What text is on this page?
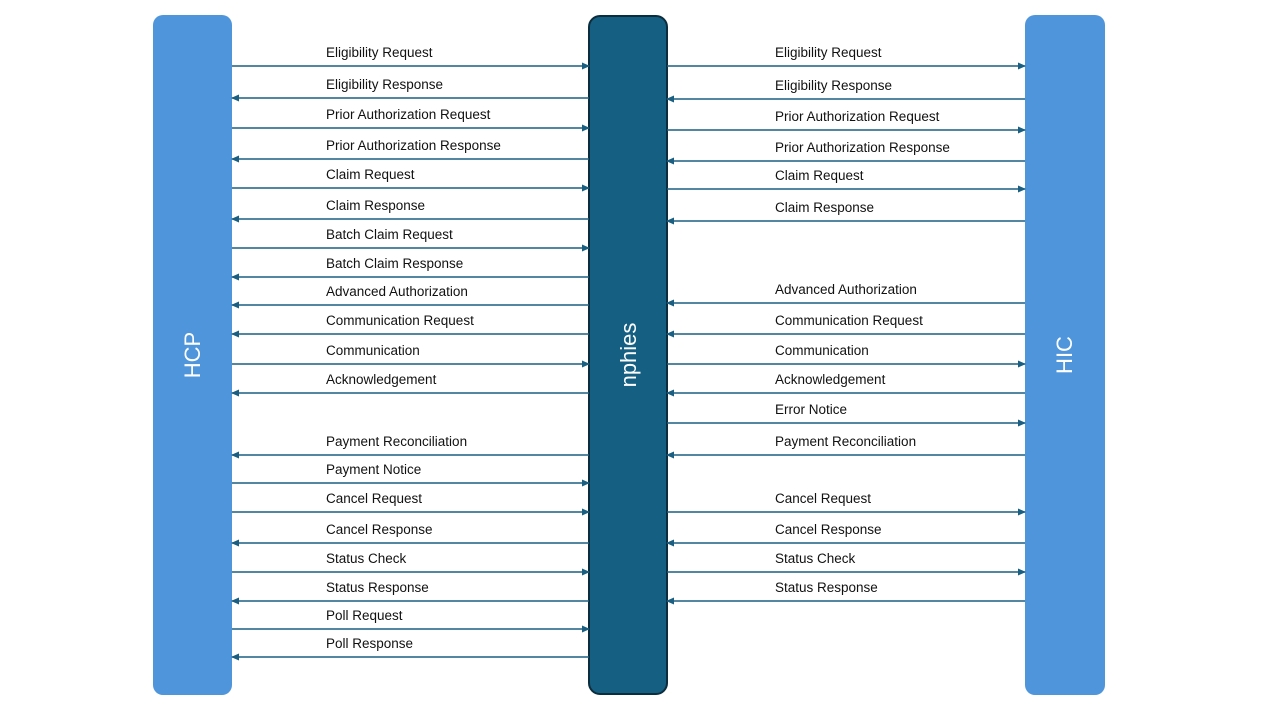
HCP	nphies	HIC
Eligibility Request
Eligibility Response
Prior Authorization Request
Prior Authorization Response
Claim Request
Claim Response
Batch Claim Request
Batch Claim Response
Advanced Authorization
Communication Request
Communication
Acknowledgement
Payment Reconciliation
Payment Notice
Cancel Request
Cancel Response
Status Check
Status Response
Poll Request
Poll Response
Eligibility Request
Eligibility Response
Prior Authorization Request
Prior Authorization Response
Claim Request
Claim Response
Advanced Authorization
Communication Request
Communication
Acknowledgement
Error Notice
Payment Reconciliation
Cancel Request
Cancel Response
Status Check
Status Response
